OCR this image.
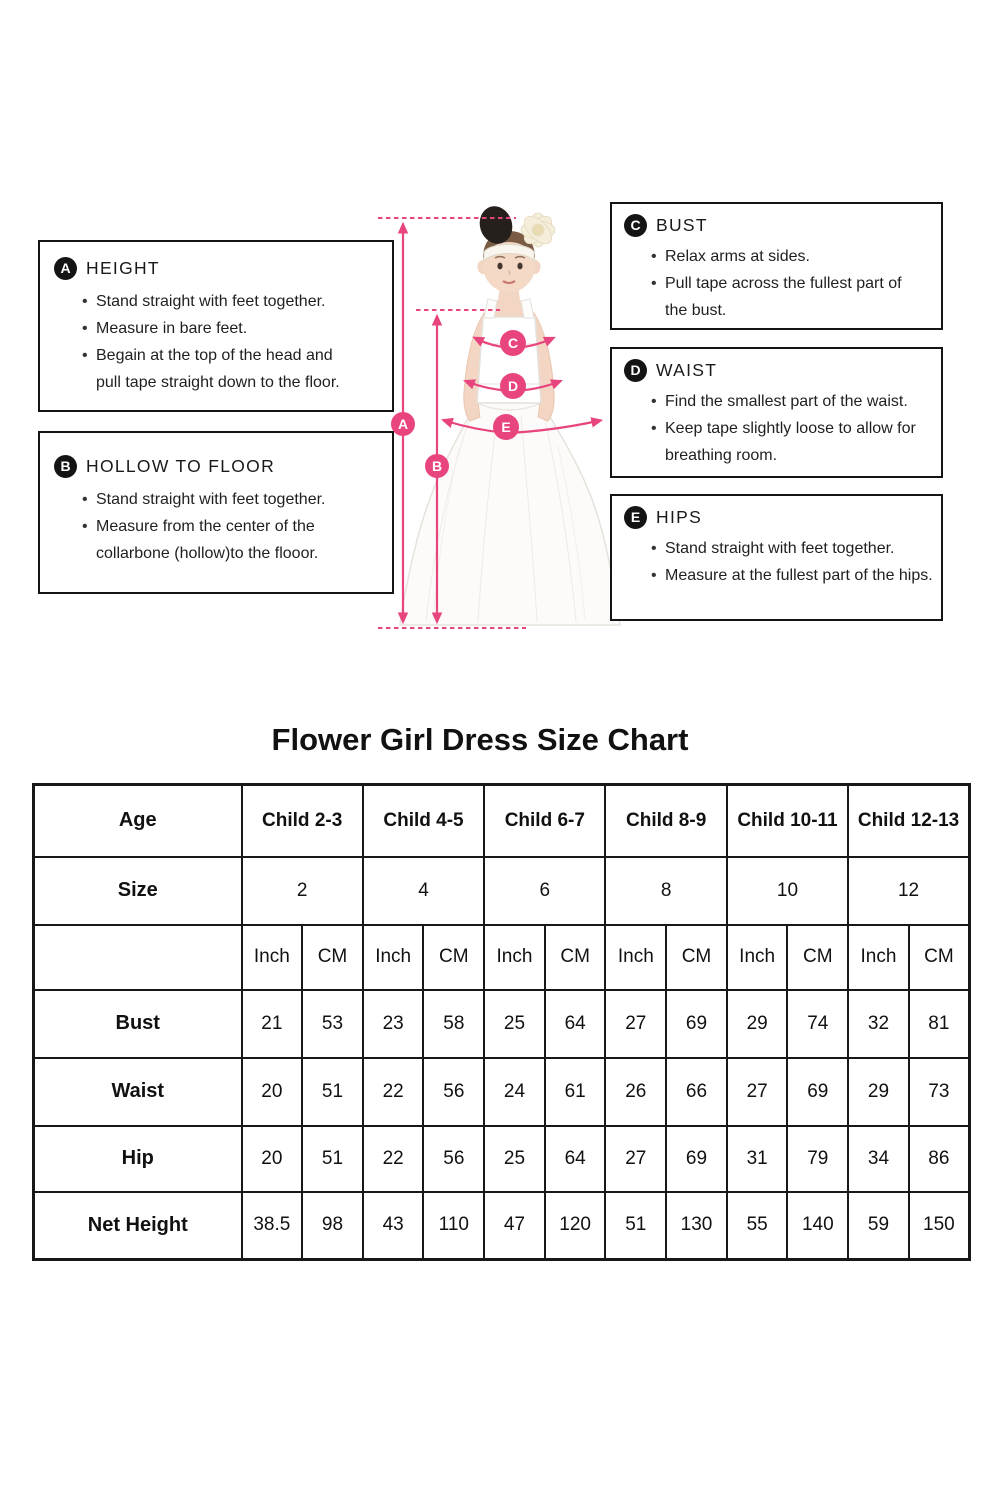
A
B
C
D
E
A HEIGHT
• Stand straight with feet together.
• Measure in bare feet.
• Begain at the top of the head and pull tape straight down to the floor.
B HOLLOW TO FLOOR
• Stand straight with feet together.
• Measure from the center of the collarbone (hollow)to the flooor.
C BUST
• Relax arms at sides.
• Pull tape across the fullest part of the bust.
D WAIST
• Find the smallest part of the waist.
• Keep tape slightly loose to allow for breathing room.
E HIPS
• Stand straight with feet together.
• Measure at the fullest part of the hips.
Flower Girl Dress Size Chart
Age	Child 2-3		Child 4-5		Child 6-7		Child 8-9		Child 10-11		Child 12-13	
Size	2		4		6		8		10		12	
	Inch	CM	Inch	CM	Inch	CM	Inch	CM	Inch	CM	Inch	CM
Bust	21	53	23	58	25	64	27	69	29	74	32	81
Waist	20	51	22	56	24	61	26	66	27	69	29	73
Hip	20	51	22	56	25	64	27	69	31	79	34	86
Net Height	38.5	98	43	110	47	120	51	130	55	140	59	150
